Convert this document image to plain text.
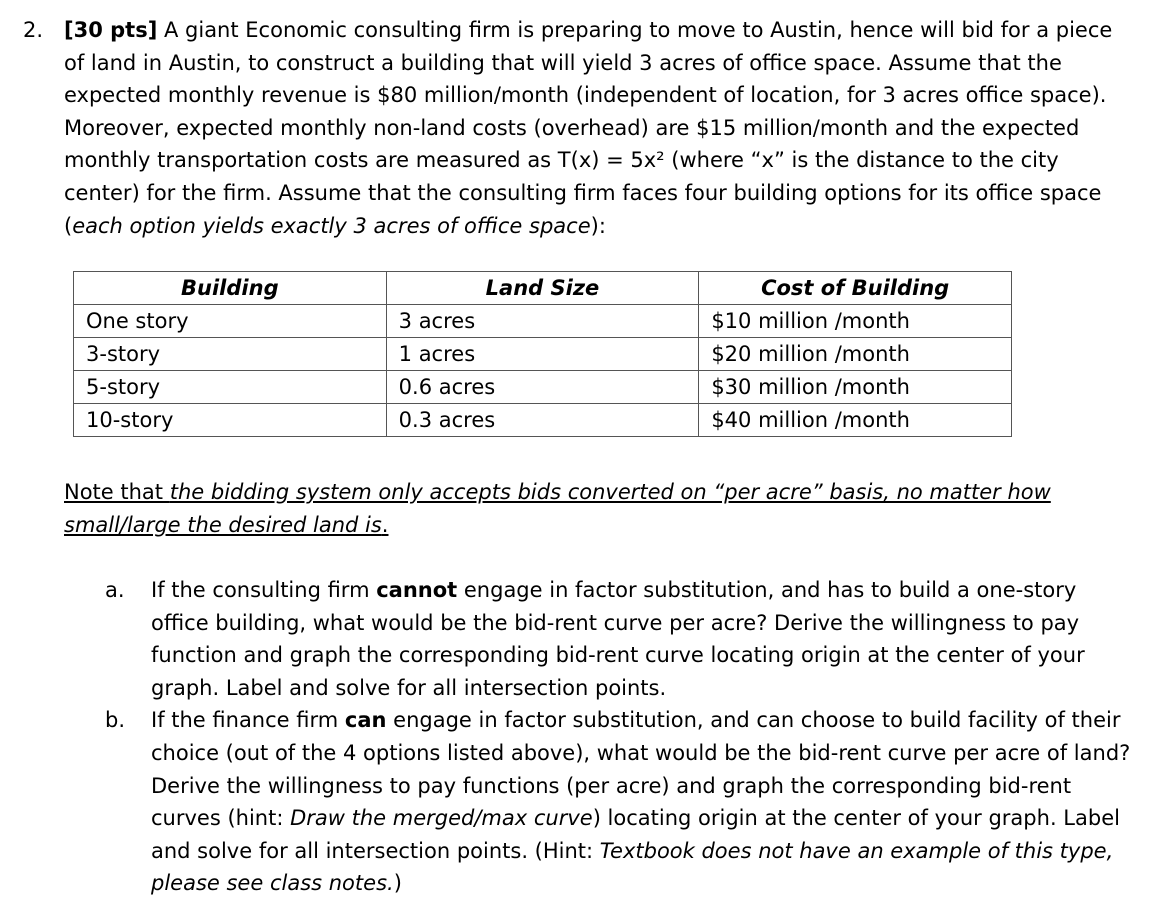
2. [30 pts] A giant Economic consulting firm is preparing to move to Austin, hence will bid for a piece of land in Austin, to construct a building that will yield 3 acres of office space. Assume that the expected monthly revenue is $80 million/month (independent of location, for 3 acres office space). Moreover, expected monthly non-land costs (overhead) are $15 million/month and the expected monthly transportation costs are measured as T(x) = 5x² (where “x” is the distance to the city center) for the firm. Assume that the consulting firm faces four building options for its office space (each option yields exactly 3 acres of office space):
Building	Land Size	Cost of Building
One story	3 acres	$10 million /month
3-story	1 acres	$20 million /month
5-story	0.6 acres	$30 million /month
10-story	0.3 acres	$40 million /month
Note that the bidding system only accepts bids converted on “per acre” basis, no matter how small/large the desired land is.
a.	If the consulting firm cannot engage in factor substitution, and has to build a one-story office building, what would be the bid-rent curve per acre? Derive the willingness to pay function and graph the corresponding bid-rent curve locating origin at the center of your graph. Label and solve for all intersection points.
b.	If the finance firm can engage in factor substitution, and can choose to build facility of their choice (out of the 4 options listed above), what would be the bid-rent curve per acre of land? Derive the willingness to pay functions (per acre) and graph the corresponding bid-rent curves (hint: Draw the merged/max curve) locating origin at the center of your graph. Label and solve for all intersection points. (Hint: Textbook does not have an example of this type, please see class notes.)
